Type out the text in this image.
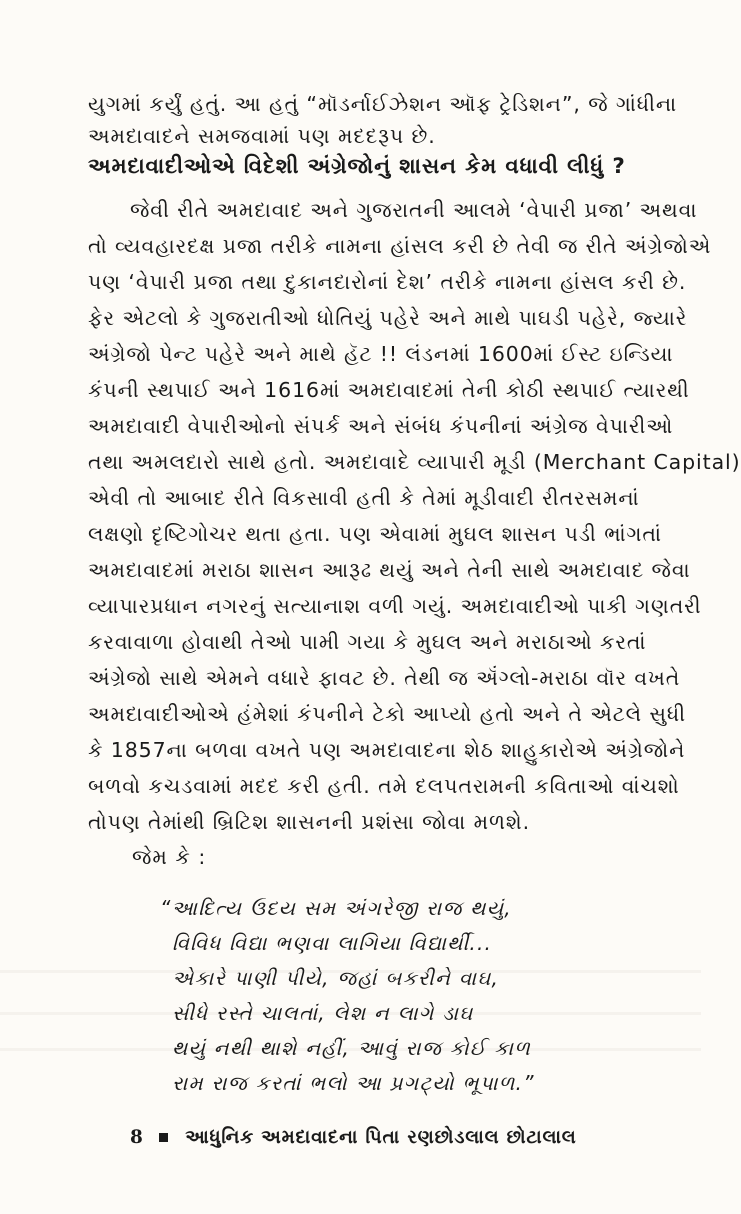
યુગમાં કર્યું હતું. આ હતું “મૉડર્નાઈઝેશન ઑફ ટ્રેડિશન”, જે ગાંધીના
અમદાવાદને સમજવામાં પણ મદદરૂપ છે.
અમદાવાદીઓએ વિદેશી અંગ્રેજોનું શાસન કેમ વધાવી લીધું ?
જેવી રીતે અમદાવાદ અને ગુજરાતની આલમે ‘વેપારી પ્રજા’ અથવા
તો વ્યવહારદક્ષ પ્રજા તરીકે નામના હાંસલ કરી છે તેવી જ રીતે અંગ્રેજોએ
પણ ‘વેપારી પ્રજા તથા દુકાનદારોનાં દેશ’ તરીકે નામના હાંસલ કરી છે.
ફેર એટલો કે ગુજરાતીઓ ધોતિયું પહેરે અને માથે પાઘડી પહેરે, જ્યારે
અંગ્રેજો પેન્ટ પહેરે અને માથે હૅટ !! લંડનમાં 1600માં ઈસ્ટ ઇન્ડિયા
કંપની સ્થપાઈ અને 1616માં અમદાવાદમાં તેની કોઠી સ્થપાઈ ત્યારથી
અમદાવાદી વેપારીઓનો સંપર્ક અને સંબંધ કંપનીનાં અંગ્રેજ વેપારીઓ
તથા અમલદારો સાથે હતો. અમદાવાદે વ્યાપારી મૂડી (Merchant Capital)
એવી તો આબાદ રીતે વિકસાવી હતી કે તેમાં મૂડીવાદી રીતરસમનાં
લક્ષણો દૃષ્ટિગોચર થતા હતા. પણ એવામાં મુઘલ શાસન પડી ભાંગતાં
અમદાવાદમાં મરાઠા શાસન આરૂઢ થયું અને તેની સાથે અમદાવાદ જેવા
વ્યાપારપ્રધાન નગરનું સત્યાનાશ વળી ગયું. અમદાવાદીઓ પાકી ગણતરી
કરવાવાળા હોવાથી તેઓ પામી ગયા કે મુઘલ અને મરાઠાઓ કરતાં
અંગ્રેજો સાથે એમને વધારે ફાવટ છે. તેથી જ ઍંગ્લો-મરાઠા વૉર વખતે
અમદાવાદીઓએ હંમેશાં કંપનીને ટેકો આપ્યો હતો અને તે એટલે સુધી
કે 1857ના બળવા વખતે પણ અમદાવાદના શેઠ શાહુકારોએ અંગ્રેજોને
બળવો કચડવામાં મદદ કરી હતી. તમે દલપતરામની કવિતાઓ વાંચશો
તોપણ તેમાંથી બ્રિટિશ શાસનની પ્રશંસા જોવા મળશે.
જેમ કે :
“આદિત્ય ઉદય સમ અંગરેજી રાજ થયું,
વિવિધ વિદ્યા ભણવા લાગિયા વિદ્યાર્થી...
એકારે પાણી પીયે, જહાં બકરીને વાઘ,
સીધે રસ્તે ચાલતાં, લેશ ન લાગે ડાઘ
થયું નથી થાશે નહીં, આવું રાજ કોઈ કાળ
રામ રાજ કરતાં ભલો આ પ્રગટ્યો ભૂપાળ.”
8 આધુનિક અમદાવાદના પિતા રણછોડલાલ છોટાલાલ
